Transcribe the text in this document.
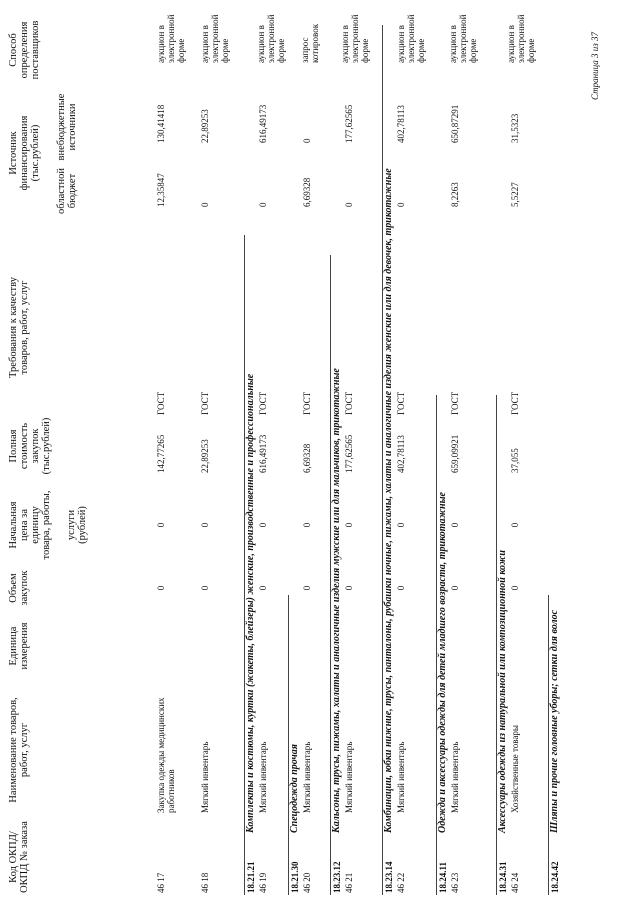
Код ОКПД/ ОКПД № заказа
Наименование товаров, работ, услуг
Единица измерения
Объем закупок
Начальная цена за единицу товара, работы, услуги (рублей)
Полная стоимость закупок (тыс.рублей)
Требования к качеству товаров, работ, услуг
Источник финансирования (тыс.рублей)
областной бюджет
внебюджетные источники
Способ определения поставщиков
46 17
Закупка одежды медицинских работников
0
0
142,77265
ГОСТ
12,35847
130,41418
аукцион в электронной форме
46 18
Мягкий инвентарь
0
0
22,89253
ГОСТ
0
22,89253
аукцион в электронной форме
18.21.21
Комплекты и костюмы, куртки (жакеты, блейзеры) женские, производственные и профессиональные
46 19
Мягкий инвентарь
0
0
616,49173
ГОСТ
0
616,49173
аукцион в электронной форме
18.21.30
Спецодежда прочая
46 20
Мягкий инвентарь
0
0
6,69328
ГОСТ
6,69328
0
запрос котировок
18.23.12
Кальсоны, трусы, пижамы, халаты и аналогичные изделия мужские или для мальчиков, трикотажные
46 21
Мягкий инвентарь
0
0
177,62565
ГОСТ
0
177,62565
аукцион в электронной форме
18.23.14
Комбинации, юбки нижние, трусы, панталоны, рубашки ночные, пижамы, халаты и аналогичные изделия женские или для девочек, трикотажные
46 22
Мягкий инвентарь
0
0
402,78113
ГОСТ
0
402,78113
аукцион в электронной форме
18.24.11
Одежда и аксессуары одежды для детей младшего возраста, трикотажные
46 23
Мягкий инвентарь
0
0
659,09921
ГОСТ
8,2263
650,87291
аукцион в электронной форме
18.24.31
Аксессуары одежды из натуральной или композиционной кожи
46 24
Хозяйственные товары
0
0
37,055
ГОСТ
5,5227
31,5323
аукцион в электронной форме
18.24.42
Шляпы и прочие головные уборы; сетки для волос
Страница 3 из 37
